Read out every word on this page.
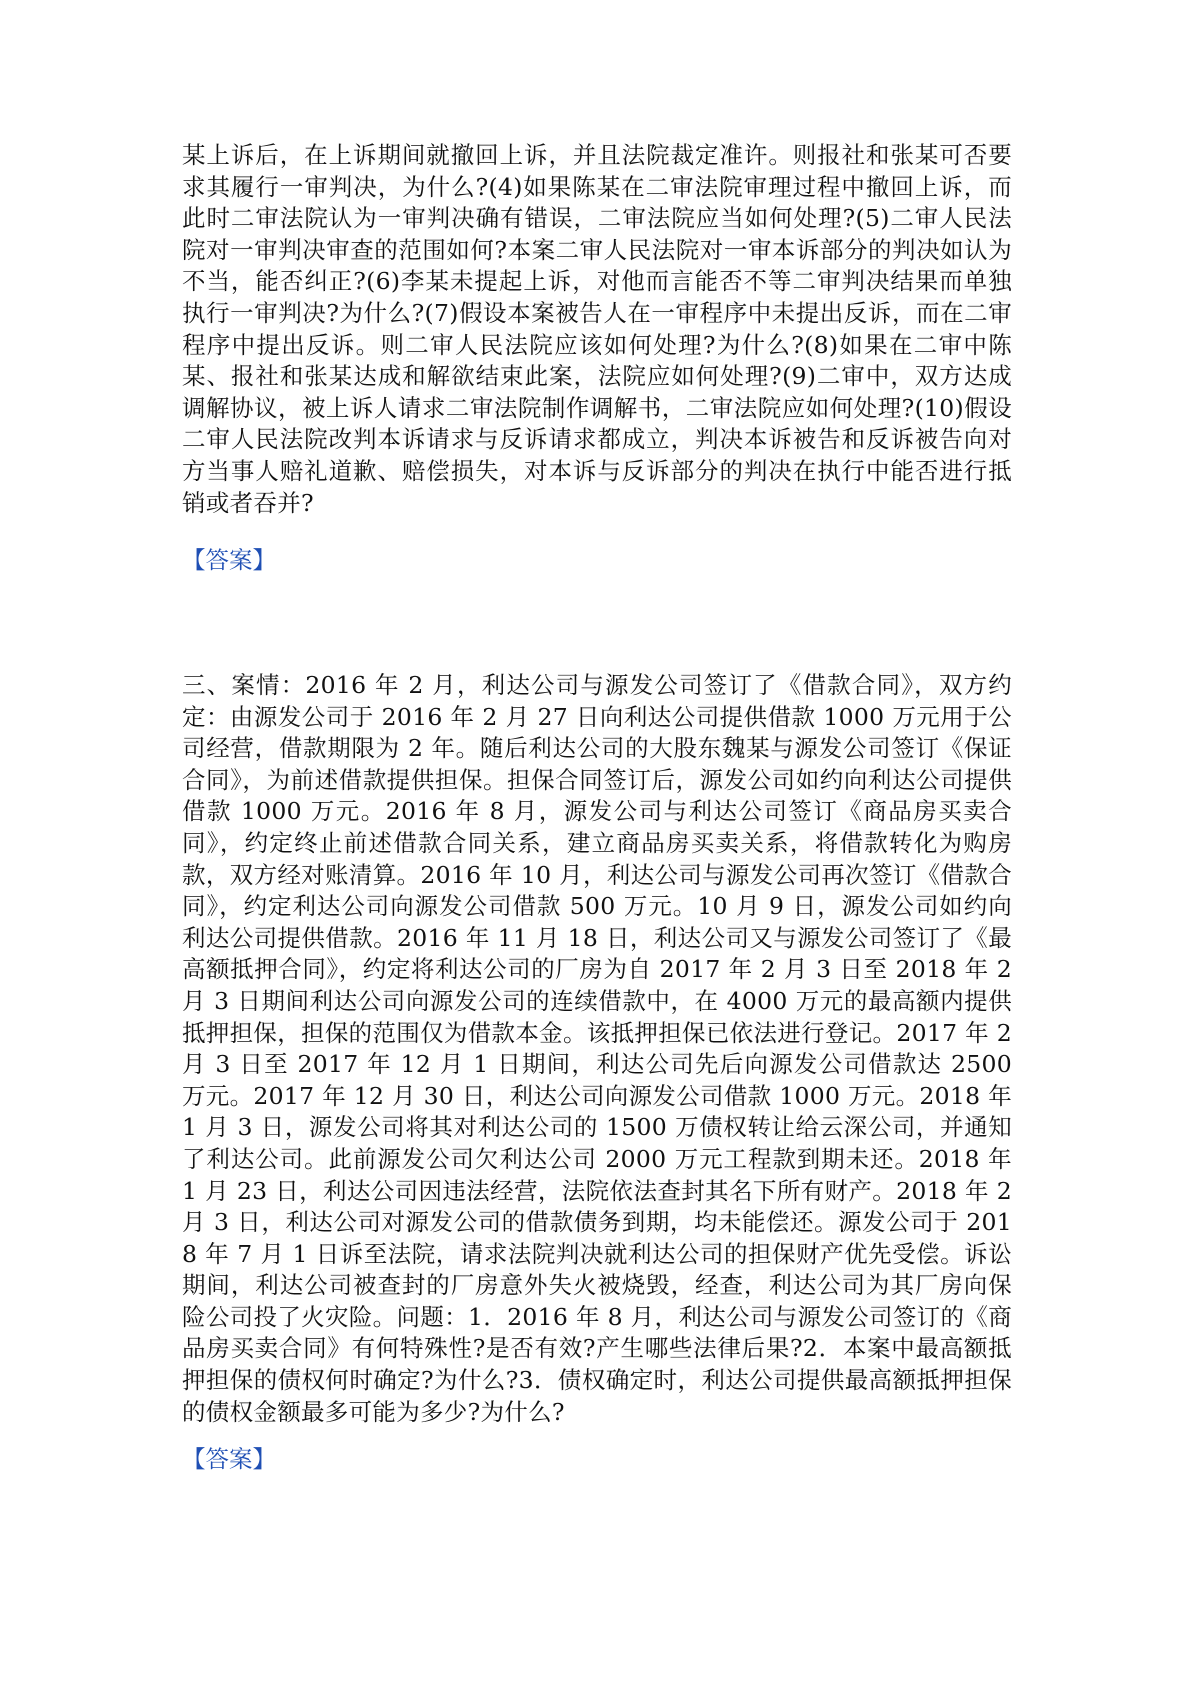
某上诉后，在上诉期间就撤回上诉，并且法院裁定准许。则报社和张某可否要求其履行一审判决，为什么?(4)如果陈某在二审法院审理过程中撤回上诉，而此时二审法院认为一审判决确有错误，二审法院应当如何处理?(5)二审人民法院对一审判决审查的范围如何?本案二审人民法院对一审本诉部分的判决如认为不当，能否纠正?(6)李某未提起上诉，对他而言能否不等二审判决结果而单独执行一审判决?为什么?(7)假设本案被告人在一审程序中未提出反诉，而在二审程序中提出反诉。则二审人民法院应该如何处理?为什么?(8)如果在二审中陈某、报社和张某达成和解欲结束此案，法院应如何处理?(9)二审中，双方达成调解协议，被上诉人请求二审法院制作调解书，二审法院应如何处理?(10)假设二审人民法院改判本诉请求与反诉请求都成立，判决本诉被告和反诉被告向对方当事人赔礼道歉、赔偿损失，对本诉与反诉部分的判决在执行中能否进行抵销或者吞并?

【答案】

三、案情：2016 年 2 月，利达公司与源发公司签订了《借款合同》，双方约定：由源发公司于 2016 年 2 月 27 日向利达公司提供借款 1000 万元用于公司经营，借款期限为 2 年。随后利达公司的大股东魏某与源发公司签订《保证合同》，为前述借款提供担保。担保合同签订后，源发公司如约向利达公司提供借款 1000 万元。2016 年 8 月，源发公司与利达公司签订《商品房买卖合同》，约定终止前述借款合同关系，建立商品房买卖关系，将借款转化为购房款，双方经对账清算。2016 年 10 月，利达公司与源发公司再次签订《借款合同》，约定利达公司向源发公司借款 500 万元。10 月 9 日，源发公司如约向利达公司提供借款。2016 年 11 月 18 日，利达公司又与源发公司签订了《最高额抵押合同》，约定将利达公司的厂房为自 2017 年 2 月 3 日至 2018 年 2 月 3 日期间利达公司向源发公司的连续借款中，在 4000 万元的最高额内提供抵押担保，担保的范围仅为借款本金。该抵押担保已依法进行登记。2017 年 2 月 3 日至 2017 年 12 月 1 日期间，利达公司先后向源发公司借款达 2500 万元。2017 年 12 月 30 日，利达公司向源发公司借款 1000 万元。2018 年 1 月 3 日，源发公司将其对利达公司的 1500 万债权转让给云深公司，并通知了利达公司。此前源发公司欠利达公司 2000 万元工程款到期未还。2018 年 1 月 23 日，利达公司因违法经营，法院依法查封其名下所有财产。2018 年 2 月 3 日，利达公司对源发公司的借款债务到期，均未能偿还。源发公司于 2018 年 7 月 1 日诉至法院，请求法院判决就利达公司的担保财产优先受偿。诉讼期间，利达公司被查封的厂房意外失火被烧毁，经查，利达公司为其厂房向保险公司投了火灾险。问题：1．2016 年 8 月，利达公司与源发公司签订的《商品房买卖合同》有何特殊性?是否有效?产生哪些法律后果?2．本案中最高额抵押担保的债权何时确定?为什么?3．债权确定时，利达公司提供最高额抵押担保的债权金额最多可能为多少?为什么?

【答案】
